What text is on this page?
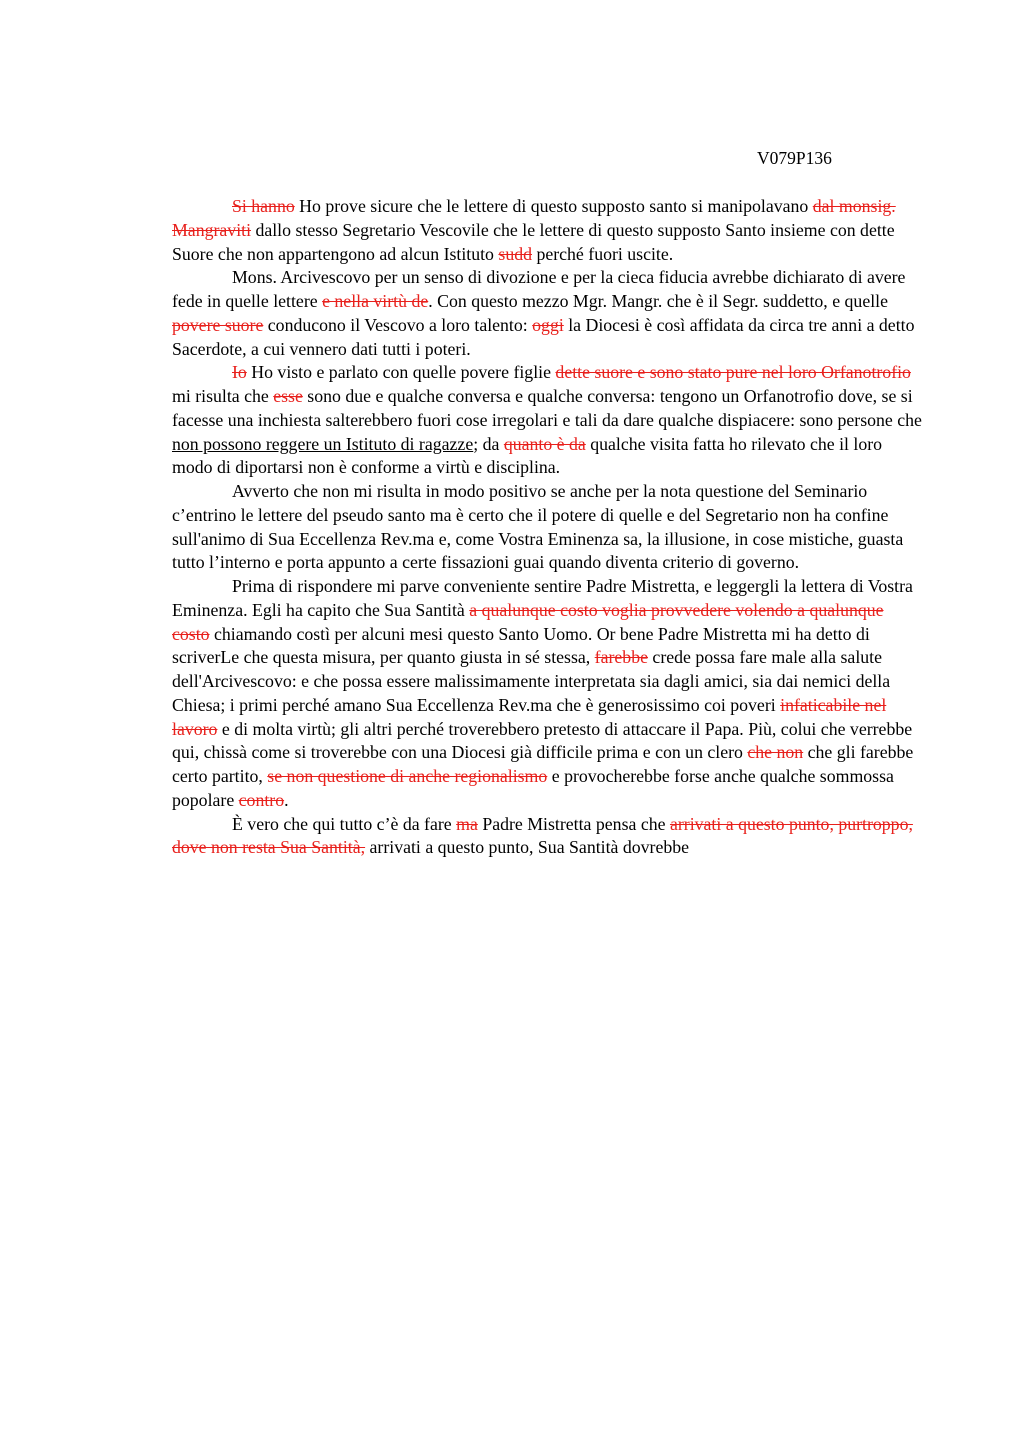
V079P136

Si hanno Ho prove sicure che le lettere di questo supposto santo si manipolavano dal monsig. Mangraviti dallo stesso Segretario Vescovile che le lettere di questo supposto Santo insieme con dette Suore che non appartengono ad alcun Istituto sudd perché fuori uscite.

Mons. Arcivescovo per un senso di divozione e per la cieca fiducia avrebbe dichiarato di avere fede in quelle lettere e nella virtù de. Con questo mezzo Mgr. Mangr. che è il Segr. suddetto, e quelle povere suore conducono il Vescovo a loro talento: oggi la Diocesi è così affidata da circa tre anni a detto Sacerdote, a cui vennero dati tutti i poteri.

Io Ho visto e parlato con quelle povere figlie dette suore e sono stato pure nel loro Orfanotrofio mi risulta che esse sono due e qualche conversa e qualche conversa: tengono un Orfanotrofio dove, se si facesse una inchiesta salterebbero fuori cose irregolari e tali da dare qualche dispiacere: sono persone che non possono reggere un Istituto di ragazze; da quanto è da qualche visita fatta ho rilevato che il loro modo di diportarsi non è conforme a virtù e disciplina.

Avverto che non mi risulta in modo positivo se anche per la nota questione del Seminario c’entrino le lettere del pseudo santo ma è certo che il potere di quelle e del Segretario non ha confine sull'animo di Sua Eccellenza Rev.ma e, come Vostra Eminenza sa, la illusione, in cose mistiche, guasta tutto l’interno e porta appunto a certe fissazioni guai quando diventa criterio di governo.

Prima di rispondere mi parve conveniente sentire Padre Mistretta, e leggergli la lettera di Vostra Eminenza. Egli ha capito che Sua Santità a qualunque costo voglia provvedere volendo a qualunque costo chiamando costì per alcuni mesi questo Santo Uomo. Or bene Padre Mistretta mi ha detto di scriverLe che questa misura, per quanto giusta in sé stessa, farebbe crede possa fare male alla salute dell'Arcivescovo: e che possa essere malissimamente interpretata sia dagli amici, sia dai nemici della Chiesa; i primi perché amano Sua Eccellenza Rev.ma che è generosissimo coi poveri infaticabile nel lavoro e di molta virtù; gli altri perché troverebbero pretesto di attaccare il Papa. Più, colui che verrebbe qui, chissà come si troverebbe con una Diocesi già difficile prima e con un clero che non che gli farebbe certo partito, se non questione di anche regionalismo e provocherebbe forse anche qualche sommossa popolare contro.

È vero che qui tutto c’è da fare ma Padre Mistretta pensa che arrivati a questo punto, purtroppo, dove non resta Sua Santità, arrivati a questo punto, Sua Santità dovrebbe
